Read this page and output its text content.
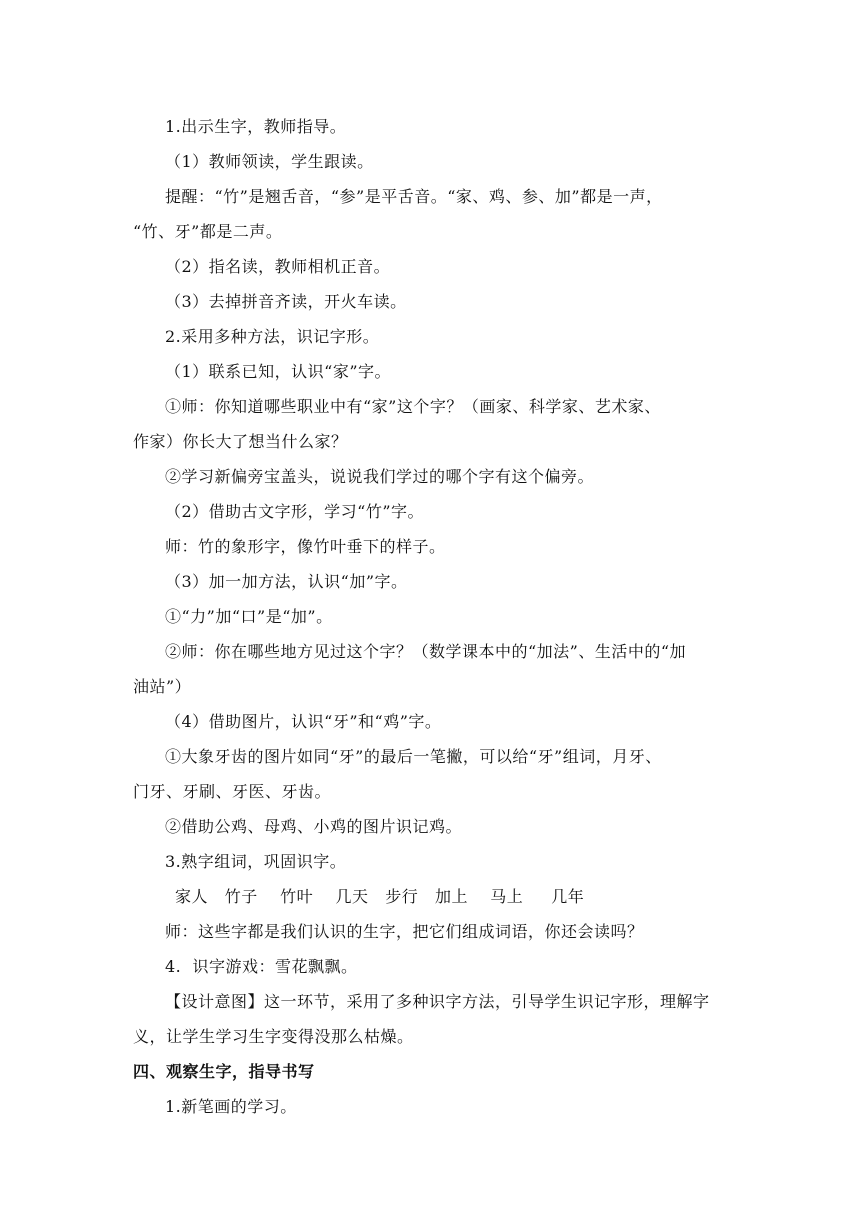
1.出示生字，教师指导。
（1）教师领读，学生跟读。
提醒：“竹”是翘舌音，“参”是平舌音。“家、鸡、参、加”都是一声，
“竹、牙”都是二声。
（2）指名读，教师相机正音。
（3）去掉拼音齐读，开火车读。
2.采用多种方法，识记字形。
（1）联系已知，认识“家”字。
①师：你知道哪些职业中有“家”这个字？（画家、科学家、艺术家、
作家）你长大了想当什么家？
②学习新偏旁宝盖头，说说我们学过的哪个字有这个偏旁。
（2）借助古文字形，学习“竹”字。
师：竹的象形字，像竹叶垂下的样子。
（3）加一加方法，认识“加”字。
①“力”加“口”是“加”。
②师：你在哪些地方见过这个字？（数学课本中的“加法”、生活中的“加
油站”）
（4）借助图片，认识“牙”和“鸡”字。
①大象牙齿的图片如同“牙”的最后一笔撇，可以给“牙”组词，月牙、
门牙、牙刷、牙医、牙齿。
②借助公鸡、母鸡、小鸡的图片识记鸡。
3.熟字组词，巩固识字。
家人   竹子    竹叶    几天   步行   加上    马上     几年
师：这些字都是我们认识的生字，把它们组成词语，你还会读吗？
4.  识字游戏：雪花飘飘。
【设计意图】这一环节，采用了多种识字方法，引导学生识记字形，理解字
义，让学生学习生字变得没那么枯燥。
四、观察生字，指导书写
1.新笔画的学习。
